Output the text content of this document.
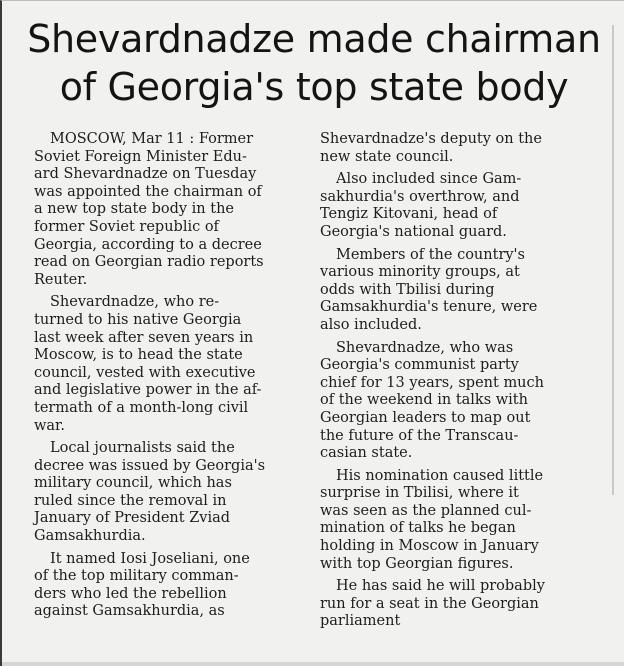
Shevardnadze made chairman
of Georgia's top state body

MOSCOW, Mar 11 : Former
Soviet Foreign Minister Edu-
ard Shevardnadze on Tuesday
was appointed the chairman of
a new top state body in the
former Soviet republic of
Georgia, according to a decree
read on Georgian radio reports
Reuter.

Shevardnadze, who re-
turned to his native Georgia
last week after seven years in
Moscow, is to head the state
council, vested with executive
and legislative power in the af-
termath of a month-long civil
war.

Local journalists said the
decree was issued by Georgia's
military council, which has
ruled since the removal in
January of President Zviad
Gamsakhurdia.

It named Iosi Joseliani, one
of the top military comman-
ders who led the rebellion
against Gamsakhurdia, as

Shevardnadze's deputy on the
new state council.

Also included since Gam-
sakhurdia's overthrow, and
Tengiz Kitovani, head of
Georgia's national guard.

Members of the country's
various minority groups, at
odds with Tbilisi during
Gamsakhurdia's tenure, were
also included.

Shevardnadze, who was
Georgia's communist party
chief for 13 years, spent much
of the weekend in talks with
Georgian leaders to map out
the future of the Transcau-
casian state.

His nomination caused little
surprise in Tbilisi, where it
was seen as the planned cul-
mination of talks he began
holding in Moscow in January
with top Georgian figures.

He has said he will probably
run for a seat in the Georgian
parliament
